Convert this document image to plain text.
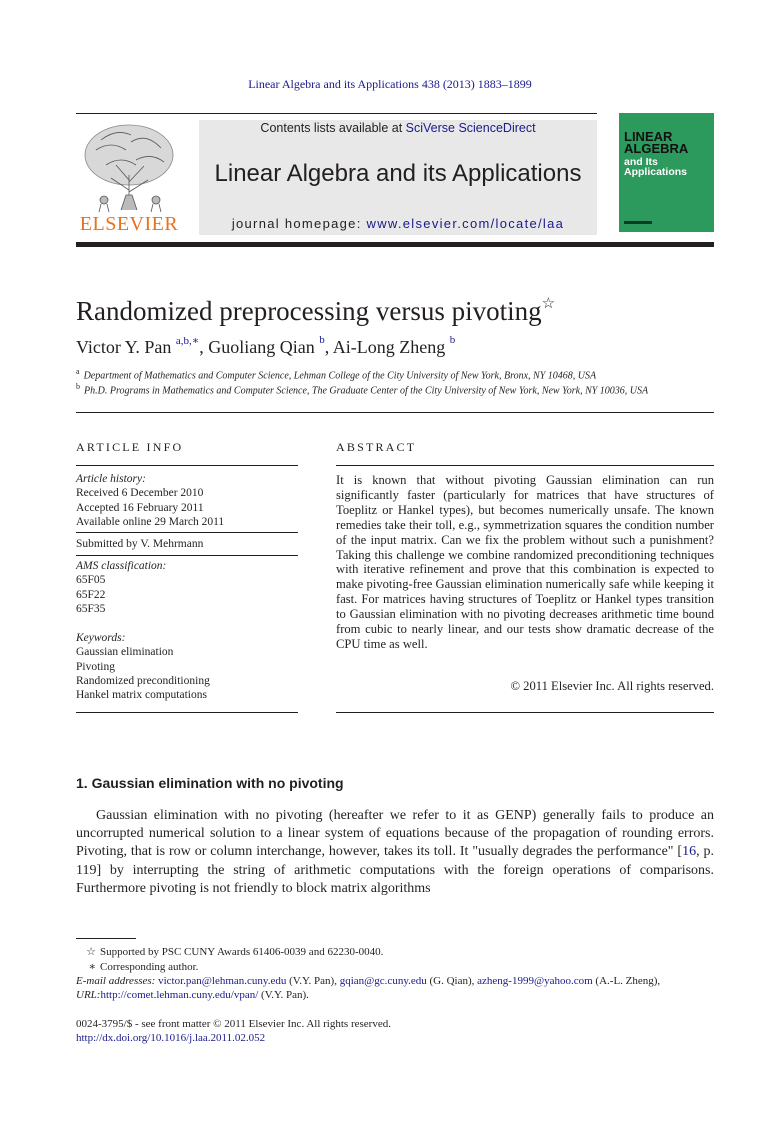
Linear Algebra and its Applications 438 (2013) 1883–1899
ELSEVIER
Contents lists available at SciVerse ScienceDirect
Linear Algebra and its Applications
journal homepage: www.elsevier.com/locate/laa
LINEAR
ALGEBRA
and Its
Applications
Randomized preprocessing versus pivoting☆
Victor Y. Pan $^{a,b,∗}$, Guoliang Qian $^b$, Ai-Long Zheng $^b$
$^a$ Department of Mathematics and Computer Science, Lehman College of the City University of New York, Bronx, NY 10468, USA
$^b$ Ph.D. Programs in Mathematics and Computer Science, The Graduate Center of the City University of New York, New York, NY 10036, USA
ARTICLE INFO
Article history:
Received 6 December 2010
Accepted 16 February 2011
Available online 29 March 2011
Submitted by V. Mehrmann
AMS classification:
65F05
65F22
65F35
Keywords:
Gaussian elimination
Pivoting
Randomized preconditioning
Hankel matrix computations
ABSTRACT
It is known that without pivoting Gaussian elimination can run significantly faster (particularly for matrices that have structures of Toeplitz or Hankel types), but becomes numerically unsafe. The known remedies take their toll, e.g., symmetrization squares the condition number of the input matrix. Can we fix the problem without such a punishment? Taking this challenge we combine randomized preconditioning techniques with iterative refinement and prove that this combination is expected to make pivoting-free Gaussian elimination numerically safe while keeping it fast. For matrices having structures of Toeplitz or Hankel types transition to Gaussian elimination with no pivoting decreases arithmetic time bound from cubic to nearly linear, and our tests show dramatic decrease of the CPU time as well.
© 2011 Elsevier Inc. All rights reserved.
1. Gaussian elimination with no pivoting
Gaussian elimination with no pivoting (hereafter we refer to it as GENP) generally fails to produce an uncorrupted numerical solution to a linear system of equations because of the propagation of rounding errors. Pivoting, that is row or column interchange, however, takes its toll. It "usually degrades the performance" [16, p. 119] by interrupting the string of arithmetic computations with the foreign operations of comparisons. Furthermore pivoting is not friendly to block matrix algorithms
☆ Supported by PSC CUNY Awards 61406-0039 and 62230-0040.
∗ Corresponding author.
E-mail addresses: victor.pan@lehman.cuny.edu (V.Y. Pan), gqian@gc.cuny.edu (G. Qian), azheng-1999@yahoo.com (A.-L. Zheng),
URL:http://comet.lehman.cuny.edu/vpan/ (V.Y. Pan).
0024-3795/$ - see front matter © 2011 Elsevier Inc. All rights reserved.
http://dx.doi.org/10.1016/j.laa.2011.02.052
